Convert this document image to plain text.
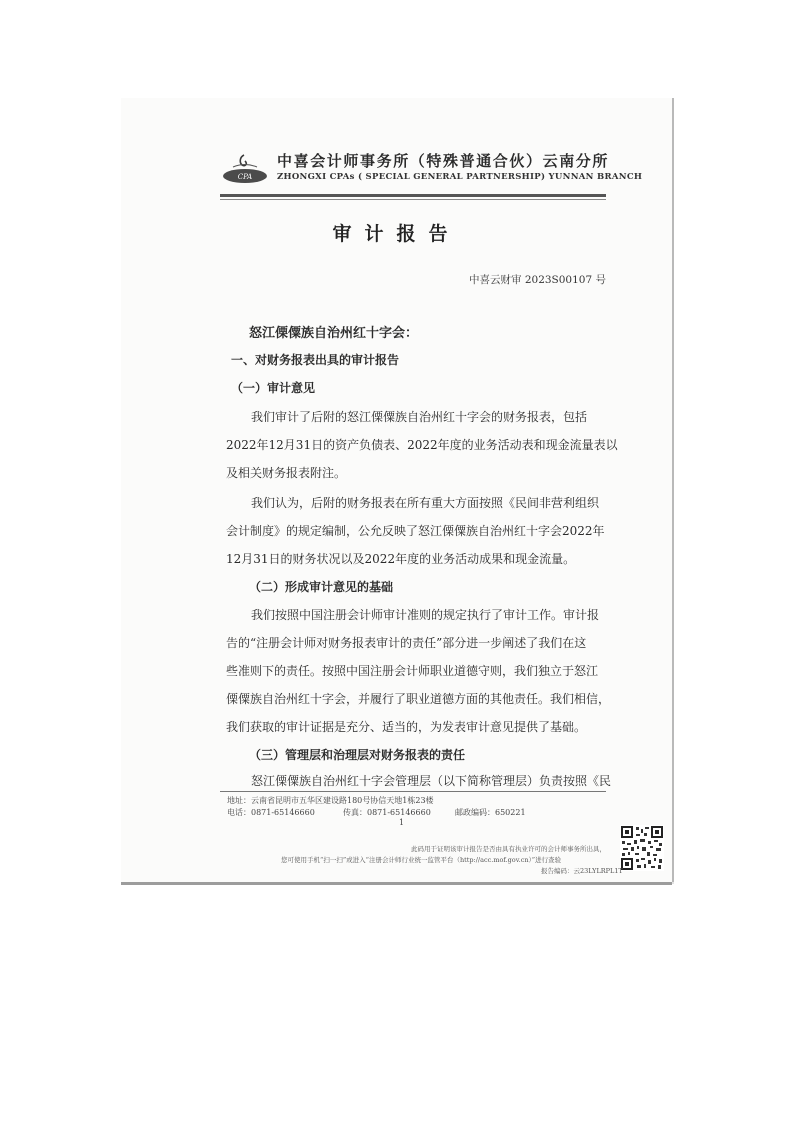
CPA
中喜会计师事务所（特殊普通合伙）云南分所
ZHONGXI CPAs ( SPECIAL GENERAL PARTNERSHIP) YUNNAN BRANCH
审计报告
中喜云财审 2023S00107 号
怒江傈僳族自治州红十字会：
一、对财务报表出具的审计报告
（一）审计意见
我们审计了后附的怒江傈僳族自治州红十字会的财务报表，包括
2022年12月31日的资产负债表、2022年度的业务活动表和现金流量表以
及相关财务报表附注。
我们认为，后附的财务报表在所有重大方面按照《民间非营利组织
会计制度》的规定编制，公允反映了怒江傈僳族自治州红十字会2022年
12月31日的财务状况以及2022年度的业务活动成果和现金流量。
（二）形成审计意见的基础
我们按照中国注册会计师审计准则的规定执行了审计工作。审计报
告的“注册会计师对财务报表审计的责任”部分进一步阐述了我们在这
些准则下的责任。按照中国注册会计师职业道德守则，我们独立于怒江
傈僳族自治州红十字会，并履行了职业道德方面的其他责任。我们相信，
我们获取的审计证据是充分、适当的，为发表审计意见提供了基础。
（三）管理层和治理层对财务报表的责任
怒江傈僳族自治州红十字会管理层（以下简称管理层）负责按照《民
地址：云南省昆明市五华区建设路180号协信天地1栋23楼
电话：0871-65146660	传真：0871-65146660	邮政编码：650221
1
此码用于证明该审计报告是否由具有执业许可的会计师事务所出具，
您可使用手机“扫一扫”或进入“注册会计师行业统一监管平台（http://acc.mof.gov.cn）”进行查验
报告编码：云23LYLRPL1T
